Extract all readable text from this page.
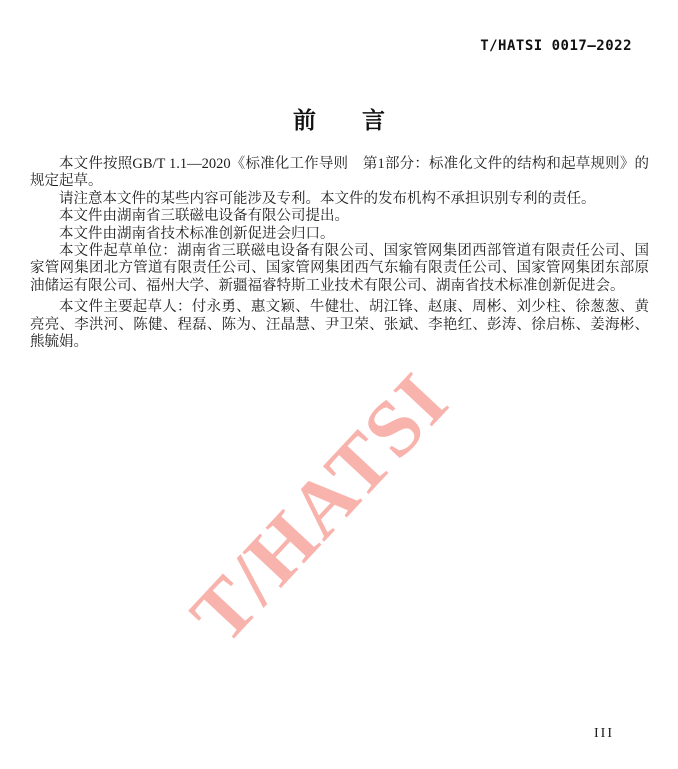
T/HATSI 0017—2022
前　　言

本文件按照GB/T 1.1—2020《标准化工作导则　第1部分：标准化文件的结构和起草规则》的规定起草。

请注意本文件的某些内容可能涉及专利。本文件的发布机构不承担识别专利的责任。

本文件由湖南省三联磁电设备有限公司提出。

本文件由湖南省技术标准创新促进会归口。

本文件起草单位：湖南省三联磁电设备有限公司、国家管网集团西部管道有限责任公司、国家管网集团北方管道有限责任公司、国家管网集团西气东输有限责任公司、国家管网集团东部原油储运有限公司、福州大学、新疆福睿特斯工业技术有限公司、湖南省技术标准创新促进会。

本文件主要起草人：付永勇、惠文颖、牛健壮、胡江锋、赵康、周彬、刘少柱、徐葱葱、黄亮亮、李洪河、陈健、程磊、陈为、汪晶慧、尹卫荣、张斌、李艳红、彭涛、徐启栋、姜海彬、熊毓娟。

T/HATSI
III
